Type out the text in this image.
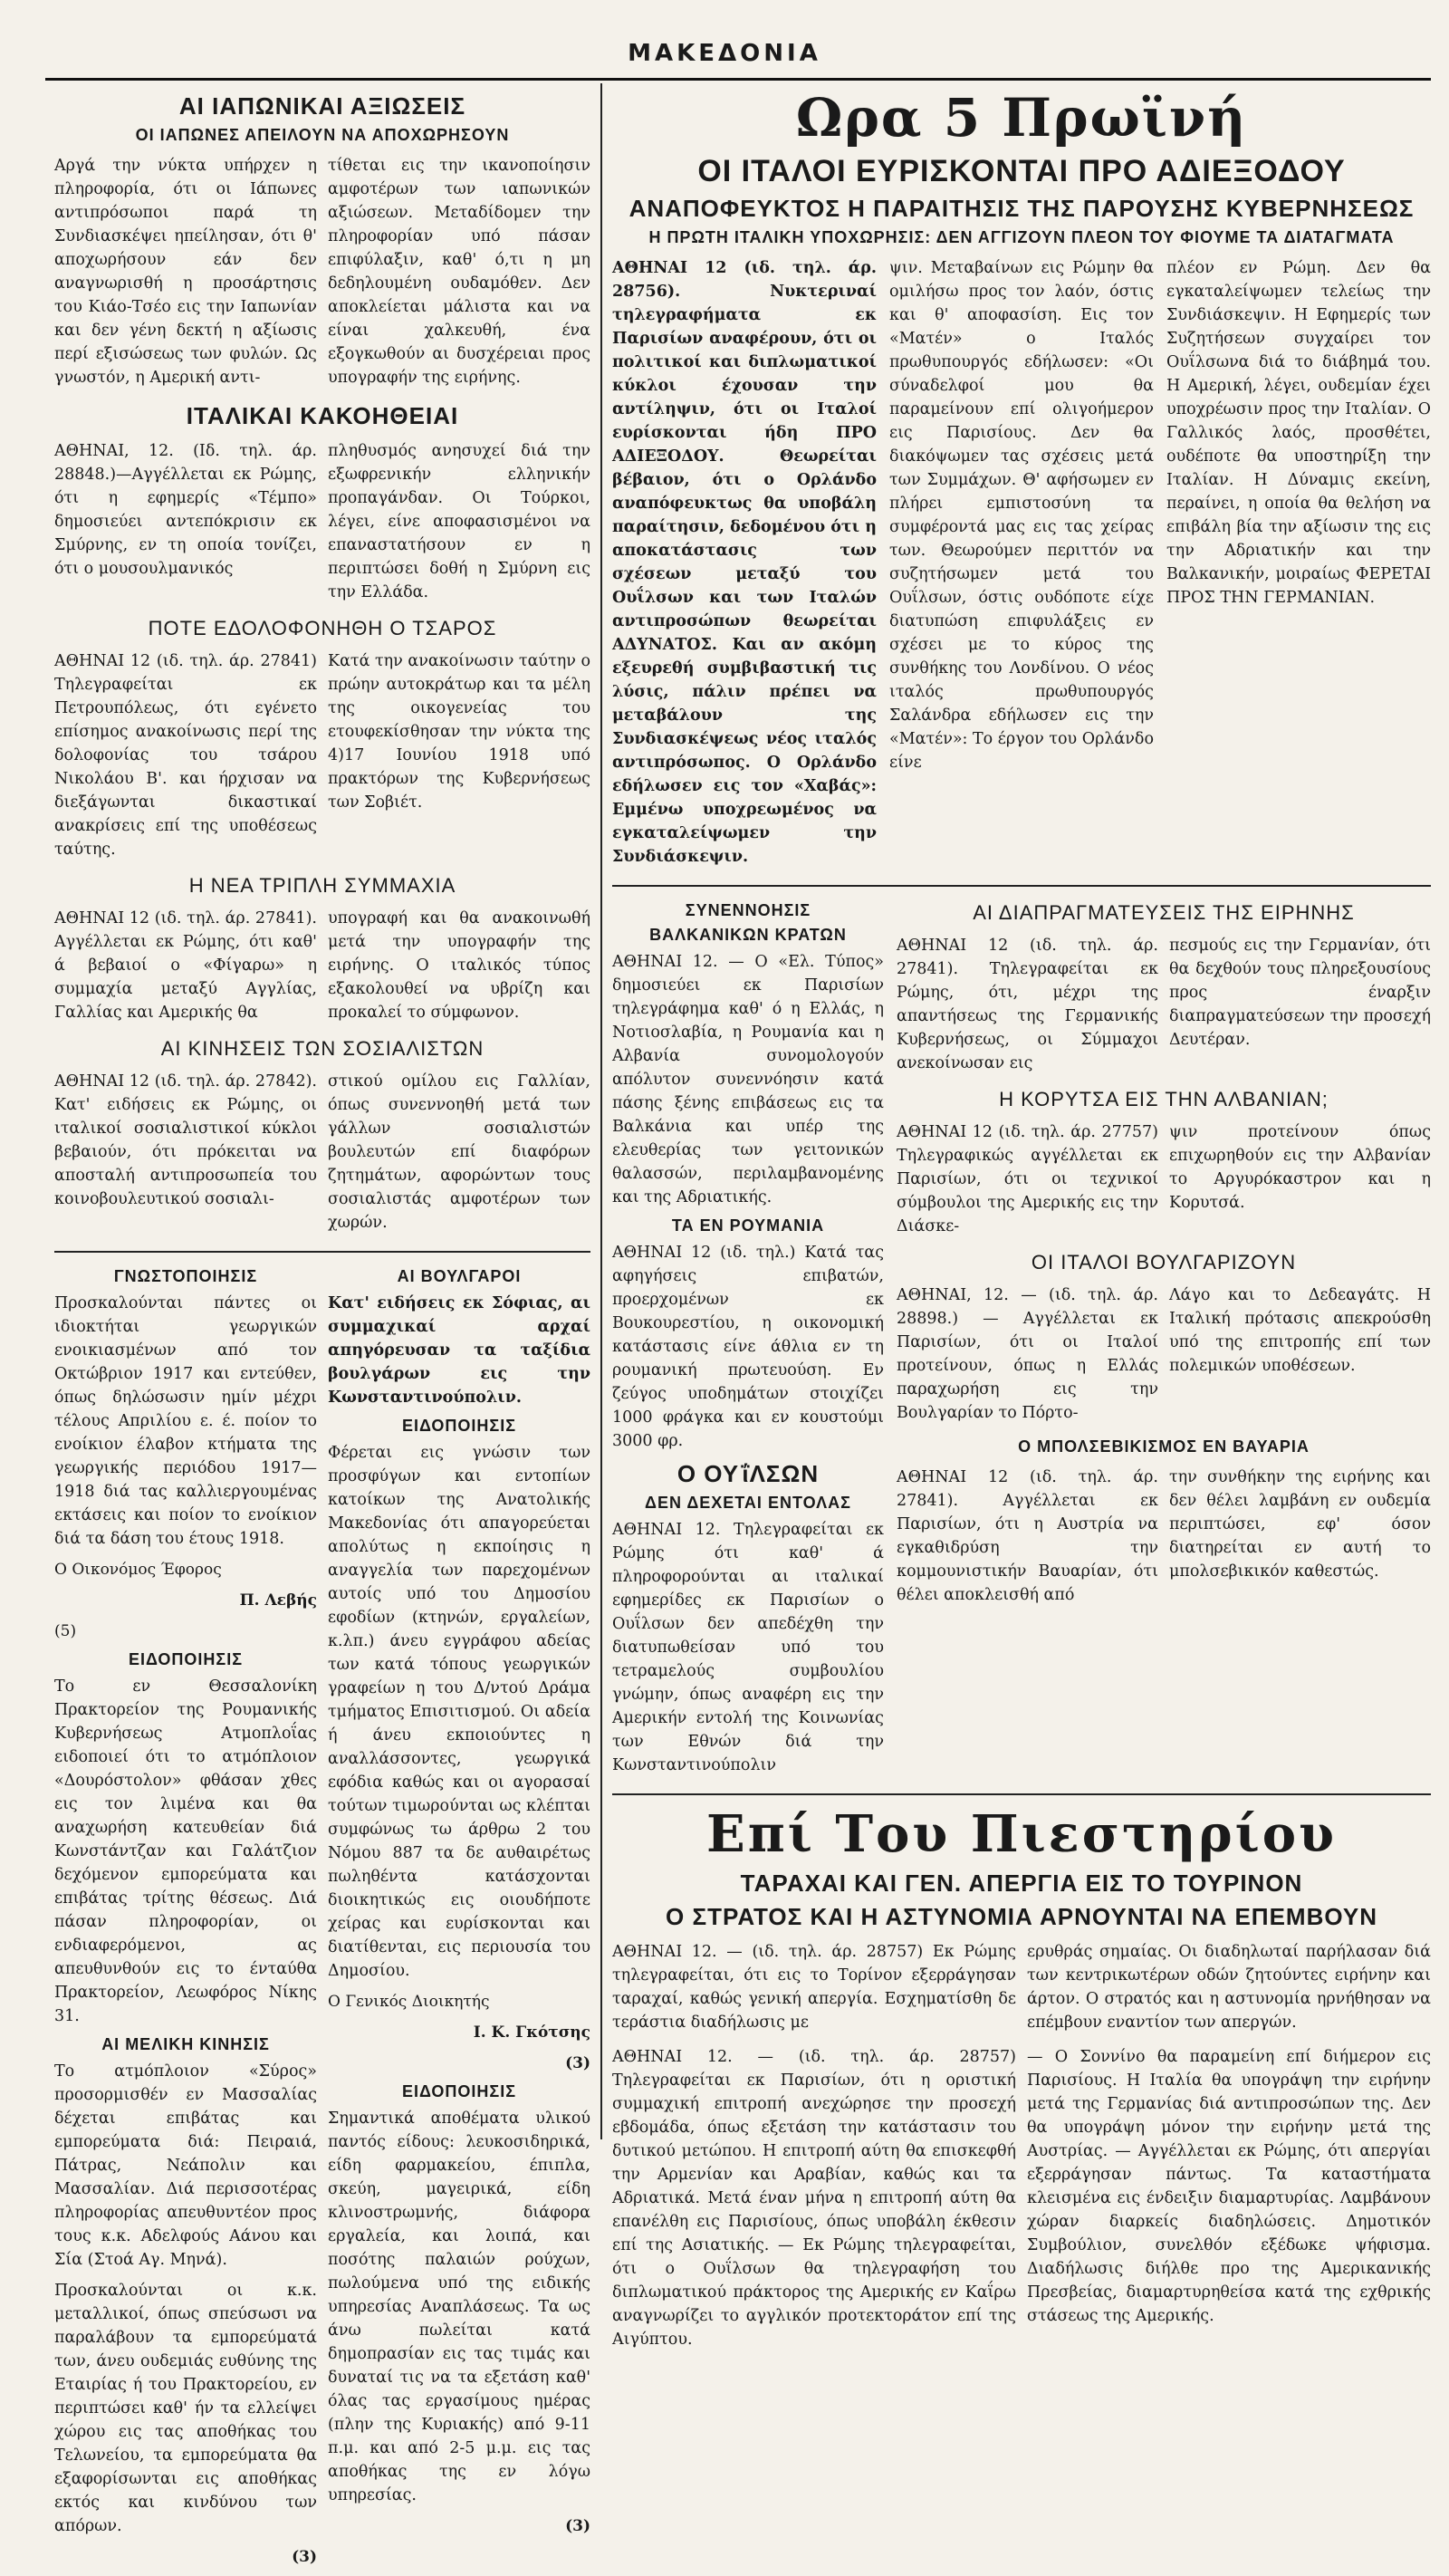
ΜΑΚΕΔΟΝΙΑ
ΑΙ ΙΑΠΩΝΙΚΑΙ ΑΞΙΩΣΕΙΣ
ΟΙ ΙΑΠΩΝΕΣ ΑΠΕΙΛΟΥΝ ΝΑ ΑΠΟΧΩΡΗΣΟΥΝ
Αργά την νύκτα υπήρχεν η πληροφορία, ότι οι Ιάπωνες αντιπρόσωποι παρά τη Συνδιασκέψει ηπείλησαν, ότι θ' αποχωρήσουν εάν δεν αναγνωρισθή η προσάρτησις του Κιάο-Τσέο εις την Ιαπωνίαν και δεν γένη δεκτή η αξίωσις περί εξισώσεως των φυλών. Ως γνωστόν, η Αμερική αντι-
τίθεται εις την ικανοποίησιν αμφοτέρων των ιαπωνικών αξιώσεων. Μεταδίδομεν την πληροφορίαν υπό πάσαν επιφύλαξιν, καθ' ό,τι η μη δεδηλουμένη ουδαμόθεν. Δεν αποκλείεται μάλιστα και να είναι χαλκευθή, ένα εξογκωθούν αι δυσχέρειαι προς υπογραφήν της ειρήνης.
ΙΤΑΛΙΚΑΙ ΚΑΚΟΗΘΕΙΑΙ
ΑΘΗΝΑΙ, 12. (Ιδ. τηλ. άρ. 28848.)—Αγγέλλεται εκ Ρώμης, ότι η εφημερίς «Τέμπο» δημοσιεύει αντεπόκρισιν εκ Σμύρνης, εν τη οποία τονίζει, ότι ο μουσουλμανικός
πληθυσμός ανησυχεί διά την εξωφρενικήν ελληνικήν προπαγάνδαν. Οι Τούρκοι, λέγει, είνε αποφασισμένοι να επαναστατήσουν εν η περιπτώσει δοθή η Σμύρνη εις την Ελλάδα.
ΠΟΤΕ ΕΔΟΛΟΦΟΝΗΘΗ Ο ΤΣΑΡΟΣ
ΑΘΗΝΑΙ 12 (ιδ. τηλ. άρ. 27841) Τηλεγραφείται εκ Πετρουπόλεως, ότι εγένετο επίσημος ανακοίνωσις περί της δολοφονίας του τσάρου Νικολάου Β'. και ήρχισαν να διεξάγωνται δικαστικαί ανακρίσεις επί της υποθέσεως ταύτης.
Κατά την ανακοίνωσιν ταύτην ο πρώην αυτοκράτωρ και τα μέλη της οικογενείας του ετουφεκίσθησαν την νύκτα της 4)17 Ιουνίου 1918 υπό πρακτόρων της Κυβερνήσεως των Σοβιέτ.
Η ΝΕΑ ΤΡΙΠΛΗ ΣΥΜΜΑΧΙΑ
ΑΘΗΝΑΙ 12 (ιδ. τηλ. άρ. 27841). Αγγέλλεται εκ Ρώμης, ότι καθ' ά βεβαιοί ο «Φίγαρω» η συμμαχία μεταξύ Αγγλίας, Γαλλίας και Αμερικής θα
υπογραφή και θα ανακοινωθή μετά την υπογραφήν της ειρήνης. Ο ιταλικός τύπος εξακολουθεί να υβρίζη και προκαλεί το σύμφωνον.
ΑΙ ΚΙΝΗΣΕΙΣ ΤΩΝ ΣΟΣΙΑΛΙΣΤΩΝ
ΑΘΗΝΑΙ 12 (ιδ. τηλ. άρ. 27842). Κατ' ειδήσεις εκ Ρώμης, οι ιταλικοί σοσιαλιστικοί κύκλοι βεβαιούν, ότι πρόκειται να αποσταλή αντιπροσωπεία του κοινοβουλευτικού σοσιαλι-
στικού ομίλου εις Γαλλίαν, όπως συνεννοηθή μετά των γάλλων σοσιαλιστών βουλευτών επί διαφόρων ζητημάτων, αφορώντων τους σοσιαλιστάς αμφοτέρων των χωρών.
ΓΝΩΣΤΟΠΟΙΗΣΙΣ
Προσκαλούνται πάντες οι ιδιοκτήται γεωργικών ενοικιασμένων από τον Οκτώβριον 1917 και εντεύθεν, όπως δηλώσωσιν ημίν μέχρι τέλους Απριλίου ε. έ. ποίον το ενοίκιον έλαβον κτήματα της γεωργικής περιόδου 1917—1918 διά τας καλλιεργουμένας εκτάσεις και ποίον το ενοίκιον διά τα δάση του έτους 1918.
Ο Οικονόμος Έφορος
Π. Λεβής
(5)
ΕΙΔΟΠΟΙΗΣΙΣ
Το εν Θεσσαλονίκη Πρακτορείον της Ρουμανικής Κυβερνήσεως Ατμοπλοΐας ειδοποιεί ότι το ατμόπλοιον «Δουρόστολον» φθάσαν χθες εις τον λιμένα και θα αναχωρήση κατευθείαν διά Κωνστάντζαν και Γαλάτζιον δεχόμενον εμπορεύματα και επιβάτας τρίτης θέσεως. Διά πάσαν πληροφορίαν, οι ενδιαφερόμενοι, ας απευθυνθούν εις το ένταύθα Πρακτορείον, Λεωφόρος Νίκης 31.
ΑΙ ΜΕΛΙΚΗ ΚΙΝΗΣΙΣ
Το ατμόπλοιον «Σύρος» προσορμισθέν εν Μασσαλίας δέχεται επιβάτας και εμπορεύματα διά: Πειραιά, Πάτρας, Νεάπολιν και Μασσαλίαν. Διά περισσοτέρας πληροφορίας απευθυντέον προς τους κ.κ. Αδελφούς Αάνου και Σία (Στοά Αγ. Μηνά).
Προσκαλούνται οι κ.κ. μεταλλικοί, όπως σπεύσωσι να παραλάβουν τα εμπορεύματά των, άνευ ουδεμιάς ευθύνης της Εταιρίας ή του Πρακτορείου, εν περιπτώσει καθ' ήν τα ελλείψει χώρου εις τας αποθήκας του Τελωνείου, τα εμπορεύματα θα εξαφορίσωνται εις αποθήκας εκτός και κινδύνου των απόρων.
(3)
ΑΙ ΒΟΥΛΓΑΡΟΙ
Κατ' ειδήσεις εκ Σόφιας, αι συμμαχικαί αρχαί απηγόρευσαν τα ταξίδια βουλγάρων εις την Κωνσταντινούπολιν.
ΕΙΔΟΠΟΙΗΣΙΣ
Φέρεται εις γνώσιν των προσφύγων και εντοπίων κατοίκων της Ανατολικής Μακεδονίας ότι απαγορεύεται απολύτως η εκποίησις η αναγγελία των παρεχομένων αυτοίς υπό του Δημοσίου εφοδίων (κτηνών, εργαλείων, κ.λπ.) άνευ εγγράφου αδείας των κατά τόπους γεωργικών γραφείων η του Δ/ντού Δράμα τμήματος Επισιτισμού. Οι αδεία ή άνευ εκποιούντες η αναλλάσσοντες, γεωργικά εφόδια καθώς και οι αγορασαί τούτων τιμωρούνται ως κλέπται συμφώνως τω άρθρω 2 του Νόμου 887 τα δε αυθαιρέτως πωληθέντα κατάσχονται διοικητικώς εις οιουδήποτε χείρας και ευρίσκονται και διατίθενται, εις περιουσία του Δημοσίου.
Ο Γενικός Διοικητής
Ι. Κ. Γκότσης
(3)
ΕΙΔΟΠΟΙΗΣΙΣ
Σημαντικά αποθέματα υλικού παντός είδους: λευκοσιδηρικά, είδη φαρμακείου, έπιπλα, σκεύη, μαγειρικά, είδη κλινοστρωμνής, διάφορα εργαλεία, και λοιπά, και ποσότης παλαιών ρούχων, πωλούμενα υπό της ειδικής υπηρεσίας Αναπλάσεως. Τα ως άνω πωλείται κατά δημοπρασίαν εις τας τιμάς και δυναταί τις να τα εξετάση καθ' όλας τας εργασίμους ημέρας (πλην της Κυριακής) από 9-11 π.μ. και από 2-5 μ.μ. εις τας αποθήκας της εν λόγω υπηρεσίας.
(3)
Ωρα 5 Πρωϊνή
ΟΙ ΙΤΑΛΟΙ ΕΥΡΙΣΚΟΝΤΑΙ ΠΡΟ ΑΔΙΕΞΟΔΟΥ
ΑΝΑΠΟΦΕΥΚΤΟΣ Η ΠΑΡΑΙΤΗΣΙΣ ΤΗΣ ΠΑΡΟΥΣΗΣ ΚΥΒΕΡΝΗΣΕΩΣ
Η ΠΡΩΤΗ ΙΤΑΛΙΚΗ ΥΠΟΧΩΡΗΣΙΣ: ΔΕΝ ΑΓΓΙΖΟΥΝ ΠΛΕΟΝ ΤΟΥ ΦΙΟΥΜΕ ΤΑ ΔΙΑΤΑΓΜΑΤΑ
ΑΘΗΝΑΙ 12 (ιδ. τηλ. άρ. 28756). Νυκτεριναί τηλεγραφήματα εκ Παρισίων αναφέρουν, ότι οι πολιτικοί και διπλωματικοί κύκλοι έχουσαν την αντίληψιν, ότι οι Ιταλοί ευρίσκονται ήδη ΠΡΟ ΑΔΙΕΞΟΔΟΥ. Θεωρείται βέβαιον, ότι ο Ορλάνδο αναπόφευκτως θα υποβάλη παραίτησιν, δεδομένου ότι η αποκατάστασις των σχέσεων μεταξύ του Ουΐλσων και των Ιταλών αντιπροσώπων θεωρείται ΑΔΥΝΑΤΟΣ. Και αν ακόμη εξευρεθή συμβιβαστική τις λύσις, πάλιν πρέπει να μεταβάλουν της Συνδιασκέψεως νέος ιταλός αντιπρόσωπος. Ο Ορλάνδο εδήλωσεν εις τον «Χαβάς»: Εμμένω υποχρεωμένος να εγκαταλείψωμεν την Συνδιάσκεψιν.
ψιν. Μεταβαίνων εις Ρώμην θα ομιλήσω προς τον λαόν, όστις και θ' αποφασίση. Εις τον «Ματέν» ο Ιταλός πρωθυπουργός εδήλωσεν: «Οι σύναδελφοί μου θα παραμείνουν επί ολιγοήμερον εις Παρισίους. Δεν θα διακόψωμεν τας σχέσεις μετά των Συμμάχων. Θ' αφήσωμεν εν πλήρει εμπιστοσύνη τα συμφέροντά μας εις τας χείρας των. Θεωρούμεν περιττόν να συζητήσωμεν μετά του Ουΐλσων, όστις ουδόποτε είχε διατυπώση επιφυλάξεις εν σχέσει με το κύρος της συνθήκης του Λονδίνου. Ο νέος ιταλός πρωθυπουργός Σαλάνδρα εδήλωσεν εις την «Ματέν»: Το έργον του Ορλάνδο είνε
πλέον εν Ρώμη. Δεν θα εγκαταλείψωμεν τελείως την Συνδιάσκεψιν. Η Εφημερίς των Συζητήσεων συγχαίρει τον Ουΐλσωνα διά το διάβημά του. Η Αμερική, λέγει, ουδεμίαν έχει υποχρέωσιν προς την Ιταλίαν. Ο Γαλλικός λαός, προσθέτει, ουδέποτε θα υποστηρίξη την Ιταλίαν. Η Δύναμις εκείνη, περαίνει, η οποία θα θελήση να επιβάλη βία την αξίωσιν της εις την Αδριατικήν και την Βαλκανικήν, μοιραίως ΦΕΡΕΤΑΙ ΠΡΟΣ ΤΗΝ ΓΕΡΜΑΝΙΑΝ.
ΣΥΝΕΝΝΟΗΣΙΣ
ΒΑΛΚΑΝΙΚΩΝ ΚΡΑΤΩΝ
ΑΘΗΝΑΙ 12. — Ο «Ελ. Τύπος» δημοσιεύει εκ Παρισίων τηλεγράφημα καθ' ό η Ελλάς, η Νοτιοσλαβία, η Ρουμανία και η Αλβανία συνομολογούν απόλυτον συνεννόησιν κατά πάσης ξένης επιβάσεως εις τα Βαλκάνια και υπέρ της ελευθερίας των γειτονικών θαλασσών, περιλαμβανομένης και της Αδριατικής.
ΤΑ ΕΝ ΡΟΥΜΑΝΙΑ
ΑΘΗΝΑΙ 12 (ιδ. τηλ.) Κατά τας αφηγήσεις επιβατών, προερχομένων εκ Βουκουρεστίου, η οικονομική κατάστασις είνε άθλια εν τη ρουμανική πρωτευούση. Εν ζεύγος υποδημάτων στοιχίζει 1000 φράγκα και εν κουστούμι 3000 φρ.
Ο ΟΥΐΛΣΩΝ
ΔΕΝ ΔΕΧΕΤΑΙ ΕΝΤΟΛΑΣ
ΑΘΗΝΑΙ 12. Τηλεγραφείται εκ Ρώμης ότι καθ' ά πληροφορούνται αι ιταλικαί εφημερίδες εκ Παρισίων ο Ουΐλσων δεν απεδέχθη την διατυπωθείσαν υπό του τετραμελούς συμβουλίου γνώμην, όπως αναφέρη εις την Αμερικήν εντολή της Κοινωνίας των Εθνών διά την Κωνσταντινούπολιν
ΑΙ ΔΙΑΠΡΑΓΜΑΤΕΥΣΕΙΣ ΤΗΣ ΕΙΡΗΝΗΣ
ΑΘΗΝΑΙ 12 (ιδ. τηλ. άρ. 27841). Τηλεγραφείται εκ Ρώμης, ότι, μέχρι της απαντήσεως της Γερμανικής Κυβερνήσεως, οι Σύμμαχοι ανεκοίνωσαν εις
πεσμούς εις την Γερμανίαν, ότι θα δεχθούν τους πληρεξουσίους προς έναρξιν διαπραγματεύσεων την προσεχή Δευτέραν.
Η ΚΟΡΥΤΣΑ ΕΙΣ ΤΗΝ ΑΛΒΑΝΙΑΝ;
ΑΘΗΝΑΙ 12 (ιδ. τηλ. άρ. 27757) Τηλεγραφικώς αγγέλλεται εκ Παρισίων, ότι οι τεχνικοί σύμβουλοι της Αμερικής εις την Διάσκε-
ψιν προτείνουν όπως επιχωρηθούν εις την Αλβανίαν το Αργυρόκαστρον και η Κορυτσά.
ΟΙ ΙΤΑΛΟΙ ΒΟΥΛΓΑΡΙΖΟΥΝ
ΑΘΗΝΑΙ, 12. — (ιδ. τηλ. άρ. 28898.) — Αγγέλλεται εκ Παρισίων, ότι οι Ιταλοί προτείνουν, όπως η Ελλάς παραχωρήση εις την Βουλγαρίαν το Πόρτο-
Λάγο και το Δεδεαγάτς. Η Ιταλική πρότασις απεκρούσθη υπό της επιτροπής επί των πολεμικών υποθέσεων.
Ο ΜΠΟΛΣΕΒΙΚΙΣΜΟΣ ΕΝ ΒΑΥΑΡΙΑ
ΑΘΗΝΑΙ 12 (ιδ. τηλ. άρ. 27841). Αγγέλλεται εκ Παρισίων, ότι η Αυστρία να εγκαθιδρύση την κομμουνιστικήν Βαυαρίαν, ότι θέλει αποκλεισθή από
την συνθήκην της ειρήνης και δεν θέλει λαμβάνη εν ουδεμία περιπτώσει, εφ' όσον διατηρείται εν αυτή το μπολσεβικικόν καθεστώς.
Επί Του Πιεστηρίου
ΤΑΡΑΧΑΙ ΚΑΙ ΓΕΝ. ΑΠΕΡΓΙΑ ΕΙΣ ΤΟ ΤΟΥΡΙΝΟΝ
Ο ΣΤΡΑΤΟΣ ΚΑΙ Η ΑΣΤΥΝΟΜΙΑ ΑΡΝΟΥΝΤΑΙ ΝΑ ΕΠΕΜΒΟΥΝ
ΑΘΗΝΑΙ 12. — (ιδ. τηλ. άρ. 28757) Εκ Ρώμης τηλεγραφείται, ότι εις το Τορίνον εξερράγησαν ταραχαί, καθώς γενική απεργία. Εσχηματίσθη δε τεράστια διαδήλωσις με
ερυθράς σημαίας. Οι διαδηλωταί παρήλασαν διά των κεντρικωτέρων οδών ζητούντες ειρήνην και άρτον. Ο στρατός και η αστυνομία ηρνήθησαν να επέμβουν εναντίον των απεργών.
ΑΘΗΝΑΙ 12. — (ιδ. τηλ. άρ. 28757) Τηλεγραφείται εκ Παρισίων, ότι η οριστική συμμαχική επιτροπή ανεχώρησε την προσεχή εβδομάδα, όπως εξετάση την κατάστασιν του δυτικού μετώπου. Η επιτροπή αύτη θα επισκεφθή την Αρμενίαν και Αραβίαν, καθώς και τα Αδριατικά. Μετά έναν μήνα η επιτροπή αύτη θα επανέλθη εις Παρισίους, όπως υποβάλη έκθεσιν επί της Ασιατικής. — Εκ Ρώμης τηλεγραφείται, ότι ο Ουΐλσων θα τηλεγραφήση του διπλωματικού πράκτορος της Αμερικής εν Καΐρω αναγνωρίζει το αγγλικόν προτεκτοράτον επί της Αιγύπτου.
— Ο Σοννίνο θα παραμείνη επί διήμερον εις Παρισίους. Η Ιταλία θα υπογράψη την ειρήνην μετά της Γερμανίας διά αντιπροσώπων της. Δεν θα υπογράψη μόνον την ειρήνην μετά της Αυστρίας. — Αγγέλλεται εκ Ρώμης, ότι απεργίαι εξερράγησαν πάντως. Τα καταστήματα κλεισμένα εις ένδειξιν διαμαρτυρίας. Λαμβάνουν χώραν διαρκείς διαδηλώσεις. Δημοτικόν Συμβούλιον, συνελθόν εξέδωκε ψήφισμα. Διαδήλωσις διήλθε προ της Αμερικανικής Πρεσβείας, διαμαρτυρηθείσα κατά της εχθρικής στάσεως της Αμερικής.
